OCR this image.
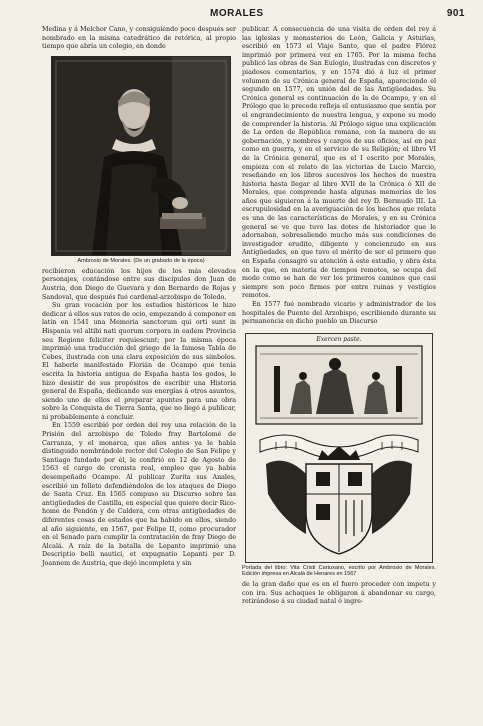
MORALES	901

Medina y á Melchor Cano, y consiguiendo poco después ser nombrado en la misma catedrático de retórica, al propio tiempo que abría un colegio, en donde

Ambrosio de Morales. (De un grabado de la época)

recibieron educación los hijos de los más elevados personajes, contándose entre sus discípulos don Juan de Austria, don Diego de Guevara y don Bernardo de Rojas y Sandoval, que después fué cardenal-arzobispo de Toledo.

Su gran vocación por los estudios históricos le hizo dedicar á ellos sus ratos de ocio, empezando á componer en latín en 1541 una Memoria sanctorum qui orti sunt in Hispania vel altibi nati quorum corpora in eadem Provincia seu Regione feliciter requiescunt; por la misma época imprimió una traducción del griego de la famosa Tabla de Cebes, ilustrada con una clara exposición de sus símbolos. El haberle manifestado Florián de Ocampo que tenía escrita la historia antigua de España hasta los godos, le hizo desistir de sus propósitos de escribir una Historia general de España, dedicando sus energías á otros asuntos, siendo uno de ellos el preparar apuntes para una obra sobre la Conquista de Tierra Santa, que no llegó á publicar, ni probablemente á concluir.

En 1559 escribió por orden del rey una relación de la Prisión del arzobispo de Toledo fray Bartolomé de Carranza, y el monarca, que años antes ya le había distinguido nombrándole rector del Colegio de San Felipe y Santiago fundado por él, le confirió en 12 de Agosto de 1563 el cargo de cronista real, empleo que ya había desempeñado Ocampo. Al publicar Zurita sus Anales, escribió un folleto defendiéndolos de los ataques de Diego de Santa Cruz. En 1565 compuso su Discurso sobre las antigüedades de Castilla, en especial que quiere decir Rico-home de Pendón y de Caldera, con otras antigüedades de diferentes cosas de estados que ha habido en ellos, siendo al año siguiente, en 1567, por Felipe II, como procurador en el Senado para cumplir la contratación de fray Diego de Alcalá. A raíz de la batalla de Lepanto imprimió una Descriptio belli nautici, et expugnatio Lepanti per D. Joannem de Austria, que dejó incompleta y sin

publicar. A consecuencia de una visita de orden del rey á las iglesias y monasterios de León, Galicia y Asturias, escribió en 1573 el Viaje Santo, que el padre Flórez imprimió por primera vez en 1765. Por la misma fecha publicó las obras de San Eulogio, ilustradas con discretos y piadosos comentarios, y en 1574 dió á luz el primer volumen de su Crónica general de España, apareciendo el segundo en 1577, en unión del de las Antigüedades. Su Crónica general es continuación de la de Ocampo, y en el Prólogo que le precede refleja el entusiasmo que sentía por el engrandecimiento de nuestra lengua, y expone su modo de comprender la historia. Al Prólogo sigue una explicación de La orden de República romana, con la manera de su gobernación, y nombres y cargos de sus oficios, así en paz como en guerra, y en el servicio de su Religión; el libro VI de la Crónica general, que es el I escrito por Morales, empieza con el relato de las victorias de Lucio Marcio, reseñando en los libros sucesivos los hechos de nuestra historia hasta llegar al libro XVII de la Crónica ó XII de Morales, que comprende hasta algunas memorias de los años que siguieron á la muerte del rey D. Bermudo III. La escrupulosidad en la averiguación de los hechos que relata es una de las características de Morales, y en su Crónica general se ve que tuvo las dotes de historiador que le adornaban, sobresaliendo mucho más sus condiciones de investigador erudito, diligente y concienzudo en sus Antigüedades, en que tuvo el mérito de ser el primero que en España consagró su atención á este estudio, y obra ésta en la que, en materia de tiempos remotos, se ocupa del modo como se han de ver los primeros caminos que casi siempre son poco firmes por entre ruinas y vestigios remotos.

En 1577 fué nombrado vicario y administrador de los hospitales de Puente del Arzobispo, escribiendo durante su permanencia en dicho pueblo un Discurso

Exercen paste.
Portada del libro: Vita Cristi Cartuxano, escrito por Ambrosio de Morales. Edición impresa en Alcalá de Henares en 1567

de la gran daño que es en el fuero proceder con impetu y con ira. Sus achaques le obligaron á abandonar su cargo, retirándose á su ciudad natal ó ingre-
